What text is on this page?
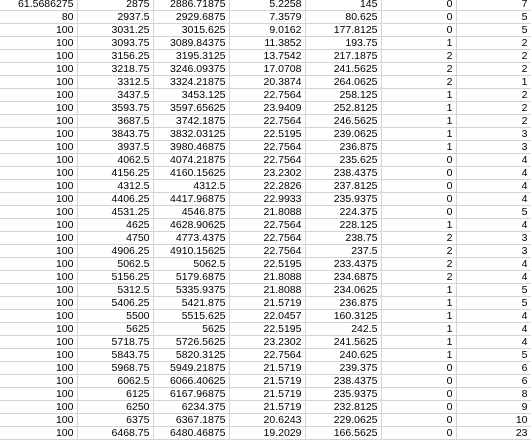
61.5686275	2875	2886.71875	5.2258	145	0	7
80	2937.5	2929.6875	7.3579	80.625	0	5
100	3031.25	3015.625	9.0162	177.8125	0	5
100	3093.75	3089.84375	11.3852	193.75	1	2
100	3156.25	3195.3125	13.7542	217.1875	2	2
100	3218.75	3246.09375	17.0708	241.5625	2	2
100	3312.5	3324.21875	20.3874	264.0625	2	1
100	3437.5	3453.125	22.7564	258.125	1	2
100	3593.75	3597.65625	23.9409	252.8125	1	2
100	3687.5	3742.1875	22.7564	246.5625	1	2
100	3843.75	3832.03125	22.5195	239.0625	1	3
100	3937.5	3980.46875	22.7564	236.875	1	3
100	4062.5	4074.21875	22.7564	235.625	0	4
100	4156.25	4160.15625	23.2302	238.4375	0	4
100	4312.5	4312.5	22.2826	237.8125	0	4
100	4406.25	4417.96875	22.9933	235.9375	0	4
100	4531.25	4546.875	21.8088	224.375	0	5
100	4625	4628.90625	22.7564	228.125	1	4
100	4750	4773.4375	22.7564	238.75	2	3
100	4906.25	4910.15625	22.7564	237.5	2	3
100	5062.5	5062.5	22.5195	233.4375	2	4
100	5156.25	5179.6875	21.8088	234.6875	2	4
100	5312.5	5335.9375	21.8088	234.0625	1	5
100	5406.25	5421.875	21.5719	236.875	1	5
100	5500	5515.625	22.0457	160.3125	1	4
100	5625	5625	22.5195	242.5	1	4
100	5718.75	5726.5625	23.2302	241.5625	1	4
100	5843.75	5820.3125	22.7564	240.625	1	5
100	5968.75	5949.21875	21.5719	239.375	0	6
100	6062.5	6066.40625	21.5719	238.4375	0	6
100	6125	6167.96875	21.5719	235.9375	0	8
100	6250	6234.375	21.5719	232.8125	0	9
100	6375	6367.1875	20.6243	229.0625	0	10
100	6468.75	6480.46875	19.2029	166.5625	0	23
